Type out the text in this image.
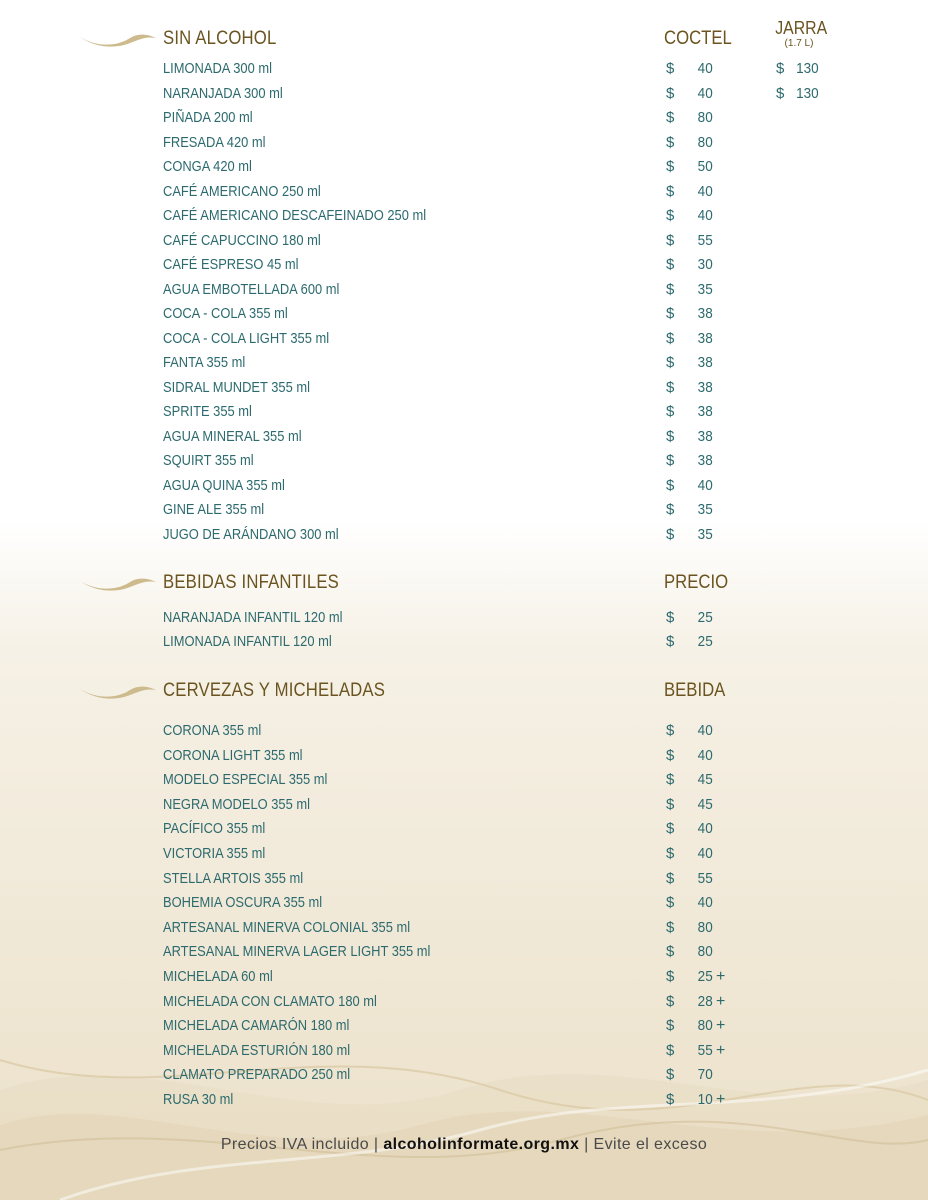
SIN ALCOHOL	COCTEL JARRA
(1.7 L)
LIMONADA 300 ml	$	40	$ 130
NARANJADA 300 ml	$	40	$ 130
PIÑADA 200 ml	$	80
FRESADA 420 ml	$	80
CONGA 420 ml	$	50
CAFÉ AMERICANO 250 ml	$	40
CAFÉ AMERICANO DESCAFEINADO 250 ml	$	40
CAFÉ CAPUCCINO 180 ml	$	55
CAFÉ ESPRESO 45 ml	$	30
AGUA EMBOTELLADA 600 ml	$	35
COCA - COLA 355 ml	$	38
COCA - COLA LIGHT 355 ml	$	38
FANTA 355 ml	$	38
SIDRAL MUNDET 355 ml	$	38
SPRITE 355 ml	$	38
AGUA MINERAL 355 ml	$	38
SQUIRT 355 ml	$	38
AGUA QUINA 355 ml	$	40
GINE ALE 355 ml	$	35
JUGO DE ARÁNDANO 300 ml	$	35
BEBIDAS INFANTILES	PRECIO
NARANJADA INFANTIL 120 ml	$	25
LIMONADA INFANTIL 120 ml	$	25
CERVEZAS Y MICHELADAS	BEBIDA
CORONA 355 ml	$	40
CORONA LIGHT 355 ml	$	40
MODELO ESPECIAL 355 ml	$	45
NEGRA MODELO 355 ml	$	45
PACÍFICO 355 ml	$	40
VICTORIA 355 ml	$	40
STELLA ARTOIS 355 ml	$	55
BOHEMIA OSCURA 355 ml	$	40
ARTESANAL MINERVA COLONIAL 355 ml	$	80
ARTESANAL MINERVA LAGER LIGHT 355 ml	$	80
MICHELADA 60 ml	$	25 +
MICHELADA CON CLAMATO 180 ml	$	28 +
MICHELADA CAMARÓN 180 ml	$	80 +
MICHELADA ESTURIÓN 180 ml	$	55 +
CLAMATO PREPARADO 250 ml	$	70
RUSA 30 ml	$	10 +
Precios IVA incluido | alcoholinformate.org.mx | Evite el exceso
